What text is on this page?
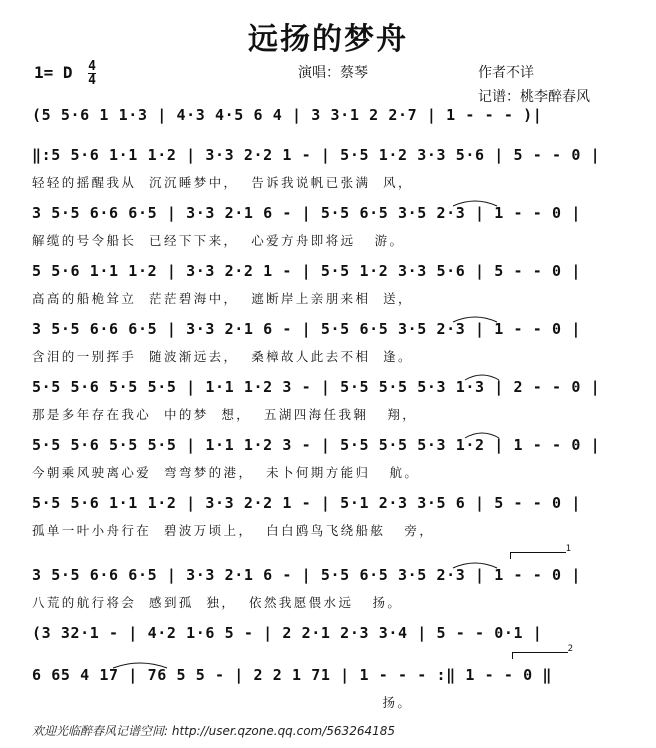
远扬的梦舟
1= D $\frac{4}{4}$	演唱：蔡琴	作者不详
记谱：桃李醉春风
(5 5·6 1 1·3 | 4·3 4·5 6 4 | 3 3·1 2 2·7 | 1 - - - )|
‖:5 5·6 1·1 1·2 | 3·3 2·2 1 - | 5·5 1·2 3·3 5·6 | 5 - - 0 |
轻轻的摇醒我从  沉沉睡梦中，  告诉我说帆已张满  风，
3 5·5 6·6 6·5 | 3·3 2·1 6 - | 5·5 6·5 3·5 2·3 | 1 - - 0 |
解缆的号令船长  已经下下来，  心爱方舟即将远   游。
5 5·6 1·1 1·2 | 3·3 2·2 1 - | 5·5 1·2 3·3 5·6 | 5 - - 0 |
高高的船桅耸立  茫茫碧海中，  遮断岸上亲朋来相  送，
3 5·5 6·6 6·5 | 3·3 2·1 6 - | 5·5 6·5 3·5 2·3 | 1 - - 0 |
含泪的一别挥手  随波渐远去，  桑樟故人此去不相  逢。
5·5 5·6 5·5 5·5 | 1·1 1·2 3 - | 5·5 5·5 5·3 1·3 | 2 - - 0 |
那是多年存在我心  中的梦  想，  五湖四海任我翱   翔，
5·5 5·6 5·5 5·5 | 1·1 1·2 3 - | 5·5 5·5 5·3 1·2 | 1 - - 0 |
今朝乘风驶离心爱  弯弯梦的港，  未卜何期方能归   航。
5·5 5·6 1·1 1·2 | 3·3 2·2 1 - | 5·1 2·3 3·5 6 | 5 - - 0 |
孤单一叶小舟行在  碧波万顷上，  白白鸥鸟飞绕船舷   旁，
1
3 5·5 6·6 6·5 | 3·3 2·1 6 - | 5·5 6·5 3·5 2·3 | 1 - - 0 |
八荒的航行将会  感到孤  独，  依然我愿偎水远   扬。
(3 32·1 - | 4·2 1·6 5 - | 2 2·1 2·3 3·4 | 5 - - 0·1 |
2
6 65 4 17 | 76 5 5 - | 2 2 1 71 | 1 - - - :‖ 1 - - 0 ‖
扬。
欢迎光临醉春风记谱空间: http://user.qzone.qq.com/563264185
